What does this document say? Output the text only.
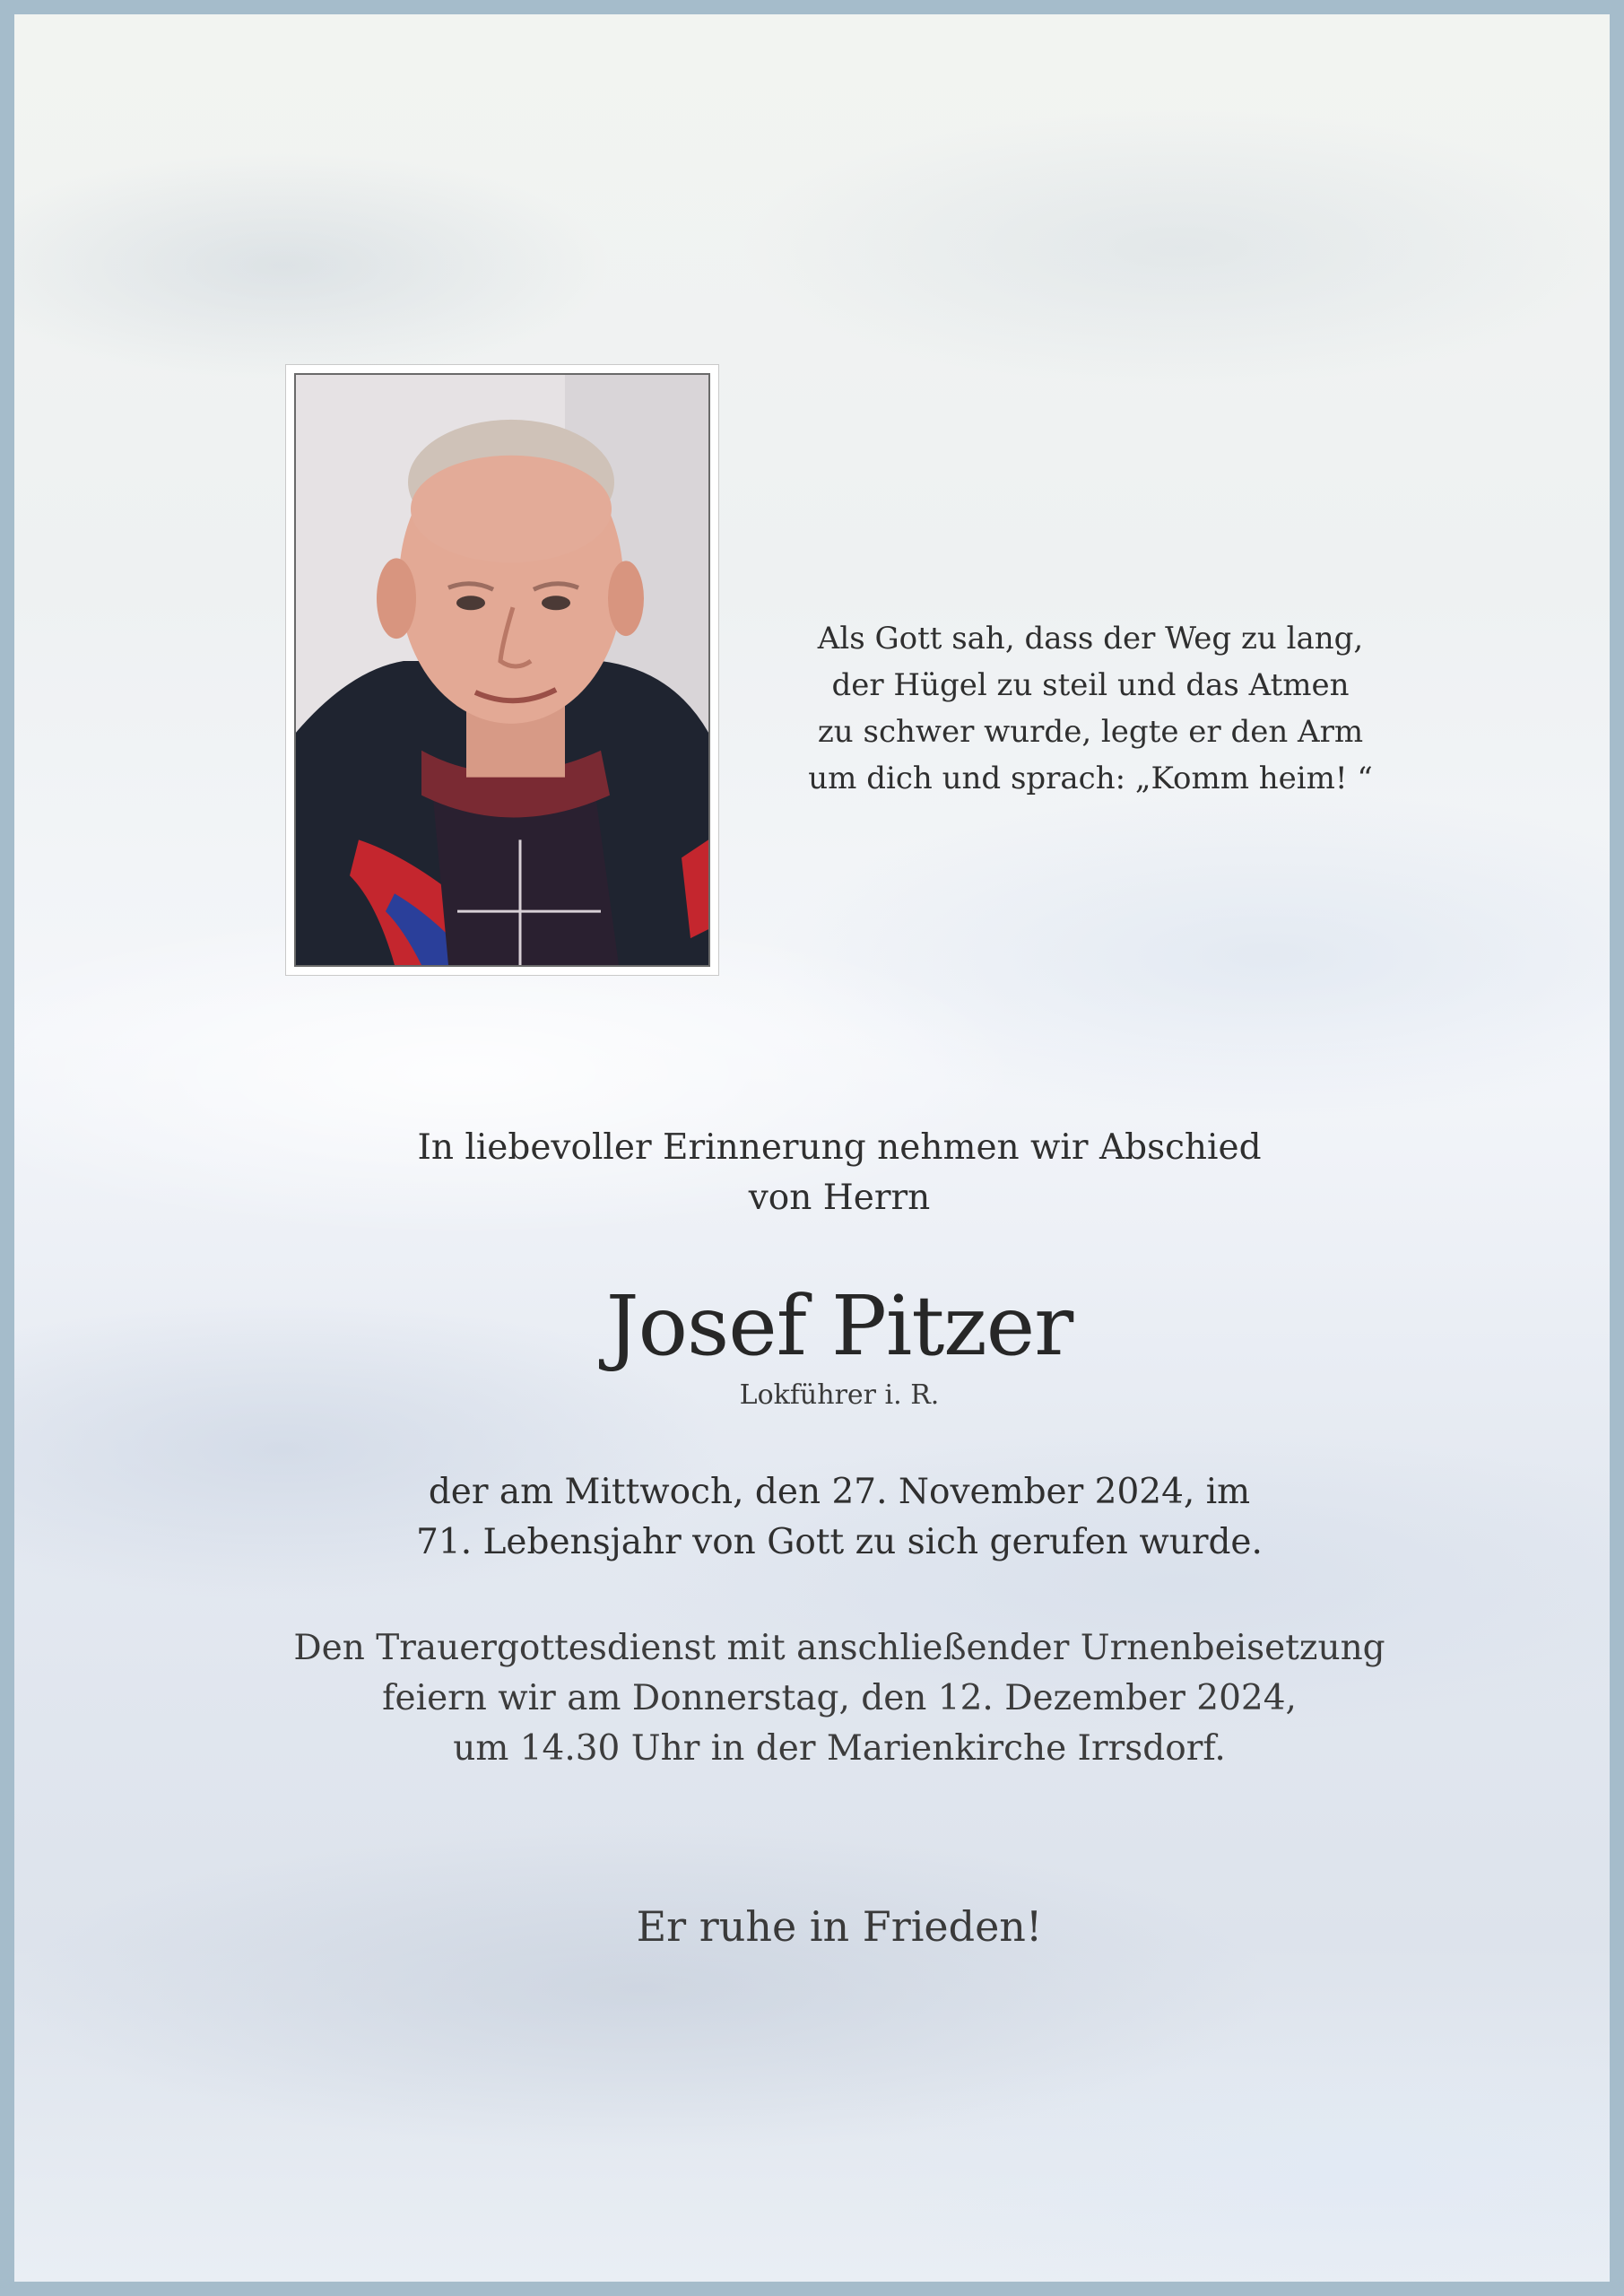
Als Gott sah, dass der Weg zu lang,
der Hügel zu steil und das Atmen
zu schwer wurde, legte er den Arm
um dich und sprach: „Komm heim! “
In liebevoller Erinnerung nehmen wir Abschied
von Herrn
Josef Pitzer
Lokführer i. R.
der am Mittwoch, den 27. November 2024, im
71. Lebensjahr von Gott zu sich gerufen wurde.
Den Trauergottesdienst mit anschließender Urnenbeisetzung
feiern wir am Donnerstag, den 12. Dezember 2024,
um 14.30 Uhr in der Marienkirche Irrsdorf.
Er ruhe in Frieden!
